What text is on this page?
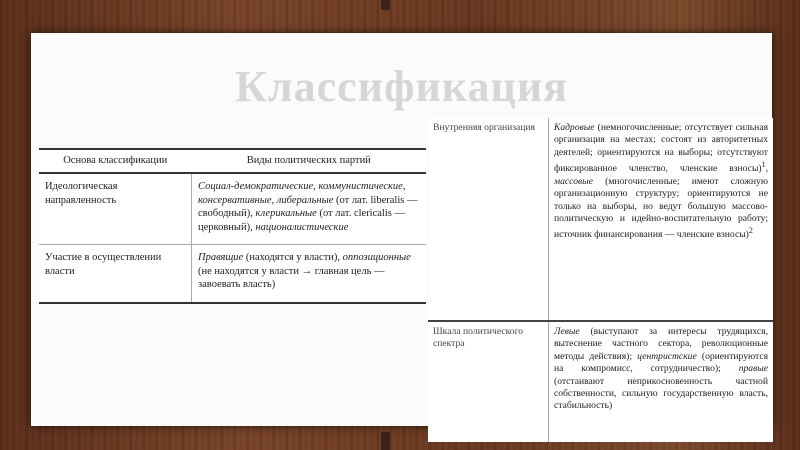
Классификация
Основа классификации	Виды политических партий
Идеологическая направленность	Социал-демократические, коммунистические, консервативные, либеральные (от лат. liberalis — свободный), клерикальные (от лат. clericalis — церковный), националистические
Участие в осуществлении власти	Правящие (находятся у власти), оппозиционные (не находятся у власти → главная цель — завоевать власть)
Внутренняя организация	Кадровые (немногочисленные; отсутствует сильная организация на местах; состоят из авторитетных деятелей; ориентируются на выборы; отсутствуют фиксированное членство, членские взносы)$^1$, массовые (многочисленные; имеют сложную организационную структуру; ориентируются не только на выборы, но ведут большую массово-политическую и идейно-воспитательную работу; источник финансирования — членские взносы)$^2$
Шкала политического спектра	Левые (выступают за интересы трудящихся, вытеснение частного сектора, революционные методы действия); центристские (ориентируются на компромисс, сотрудничество); правые (отстаивают неприкосновенность частной собственности, сильную государственную власть, стабильность)
